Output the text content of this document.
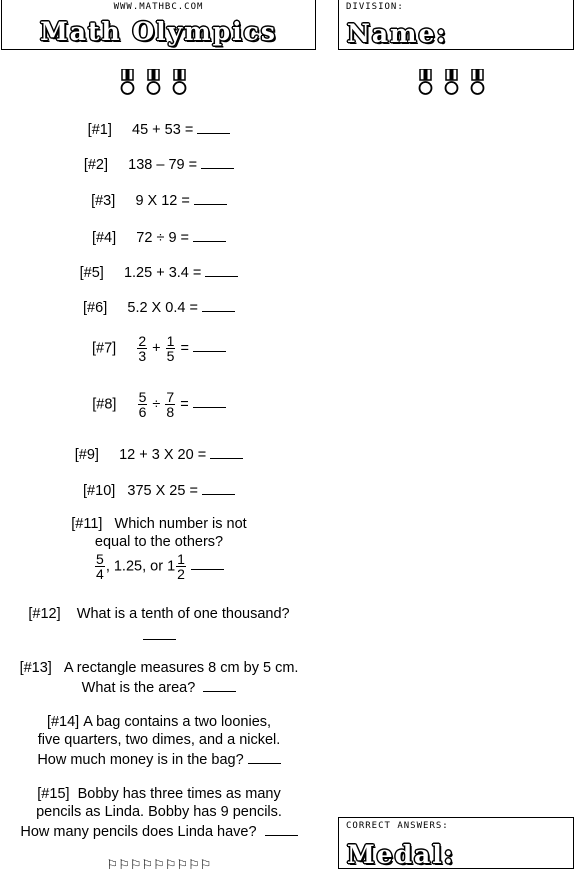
WWW.MATHBC.COM
Math Olympics
[#1] 45 + 53 =
[#2] 138 – 79 =
[#3] 9 X 12 =
[#4] 72 ÷ 9 =
[#5] 1.25 + 3.4 =
[#6] 5.2 X 0.4 =
[#7] $\frac{2}{3} + \frac{1}{5}$ =
[#8] $\frac{5}{6} \div \frac{7}{8}$ =
[#9] 12 + 3 X 20 =
[#10] 375 X 25 =
[#11] Which number is not
equal to the others?
$\frac{5}{4}$ , 1.25, or $1 \frac{1}{2}$

[#12] What is a tenth of one thousand?
[#13] A rectangle measures 8 cm by 5 cm.
What is the area?
[#14] A bag contains a two loonies,
five quarters, two dimes, and a nickel.
How much money is in the bag?
[#15] Bobby has three times as many
pencils as Linda. Bobby has 9 pencils.
How many pencils does Linda have?
⚐⚐⚐⚐⚐⚐⚐⚐⚐
DIVISION:
Name:
CORRECT ANSWERS:
Medal:
